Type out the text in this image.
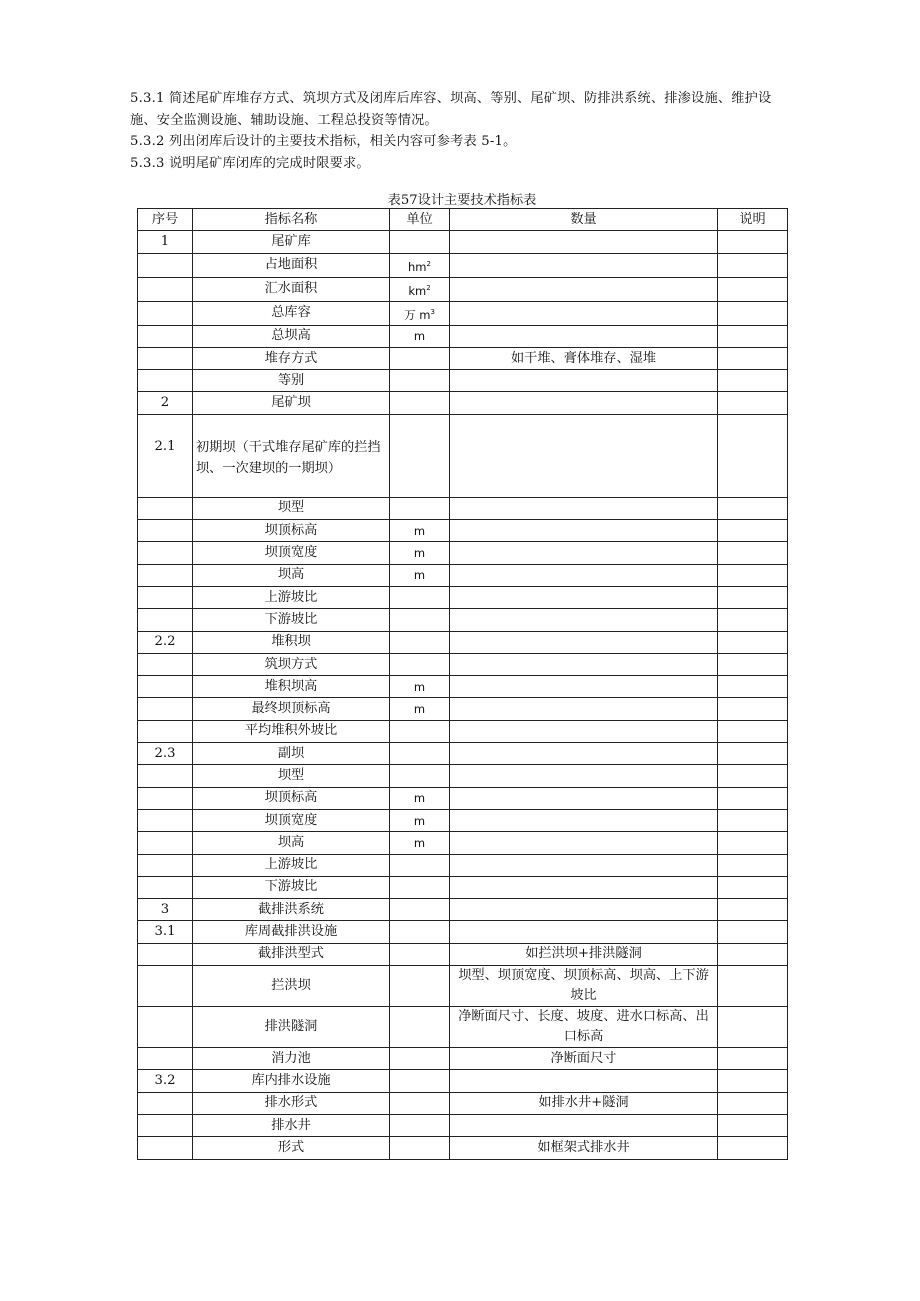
5.3.1 简述尾矿库堆存方式、筑坝方式及闭库后库容、坝高、等别、尾矿坝、防排洪系统、排渗设施、维护设施、安全监测设施、辅助设施、工程总投资等情况。
5.3.2 列出闭库后设计的主要技术指标，相关内容可参考表 5-1。
5.3.3 说明尾矿库闭库的完成时限要求。
表57设计主要技术指标表
序号	指标名称	单位	数量	说明
1	尾矿库			
	占地面积	$hm^2$		
	汇水面积	$km^2$		
	总库容	万 $m^3$		
	总坝高	m		
	堆存方式		如干堆、膏体堆存、湿堆	
	等别			
2	尾矿坝			
2.1	初期坝（干式堆存尾矿库的拦挡坝、一次建坝的一期坝）			
	坝型			
	坝顶标高	m		
	坝顶宽度	m		
	坝高	m		
	上游坡比			
	下游坡比			
2.2	堆积坝			
	筑坝方式			
	堆积坝高	m		
	最终坝顶标高	m		
	平均堆积外坡比			
2.3	副坝			
	坝型			
	坝顶标高	m		
	坝顶宽度	m		
	坝高	m		
	上游坡比			
	下游坡比			
3	截排洪系统			
3.1	库周截排洪设施			
	截排洪型式		如拦洪坝+排洪隧洞	
	拦洪坝		坝型、坝顶宽度、坝顶标高、坝高、上下游坡比	
	排洪隧洞		净断面尺寸、长度、坡度、进水口标高、出口标高	
	消力池		净断面尺寸	
3.2	库内排水设施			
	排水形式		如排水井+隧洞	
	排水井			
	形式		如框架式排水井	
